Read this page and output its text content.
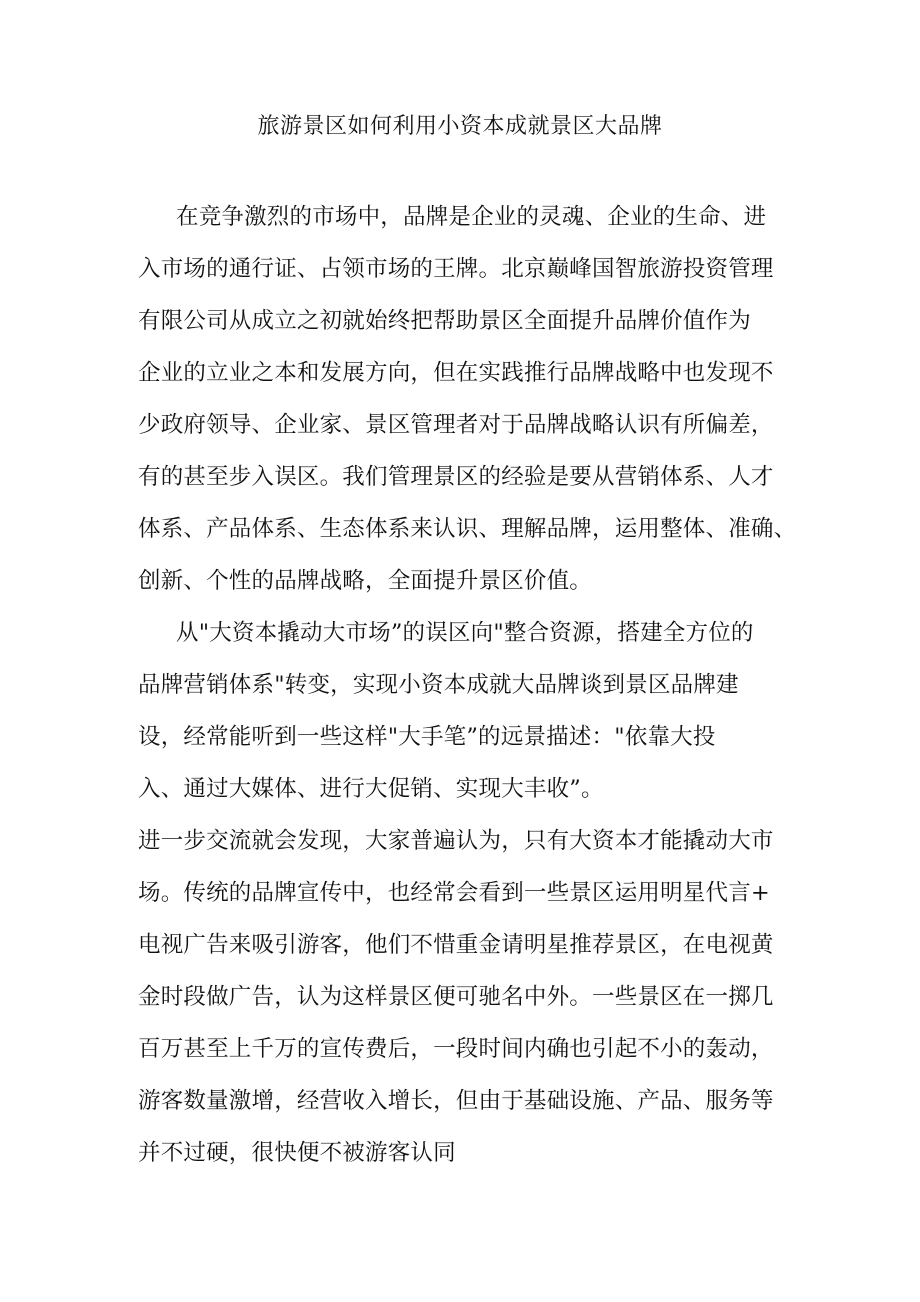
旅游景区如何利用小资本成就景区大品牌
在竞争激烈的市场中，品牌是企业的灵魂、企业的生命、进
入市场的通行证、占领市场的王牌。北京巅峰国智旅游投资管理
有限公司从成立之初就始终把帮助景区全面提升品牌价值作为
企业的立业之本和发展方向，但在实践推行品牌战略中也发现不
少政府领导、企业家、景区管理者对于品牌战略认识有所偏差，
有的甚至步入误区。我们管理景区的经验是要从营销体系、人才
体系、产品体系、生态体系来认识、理解品牌，运用整体、准确、
创新、个性的品牌战略，全面提升景区价值。
从"大资本撬动大市场”的误区向"整合资源，搭建全方位的
品牌营销体系"转变，实现小资本成就大品牌谈到景区品牌建
设，经常能听到一些这样"大手笔”的远景描述："依靠大投
入、通过大媒体、进行大促销、实现大丰收”。
进一步交流就会发现，大家普遍认为，只有大资本才能撬动大市
场。传统的品牌宣传中，也经常会看到一些景区运用明星代言+
电视广告来吸引游客，他们不惜重金请明星推荐景区，在电视黄
金时段做广告，认为这样景区便可驰名中外。一些景区在一掷几
百万甚至上千万的宣传费后，一段时间内确也引起不小的轰动，
游客数量激增，经营收入增长，但由于基础设施、产品、服务等
并不过硬，很快便不被游客认同
